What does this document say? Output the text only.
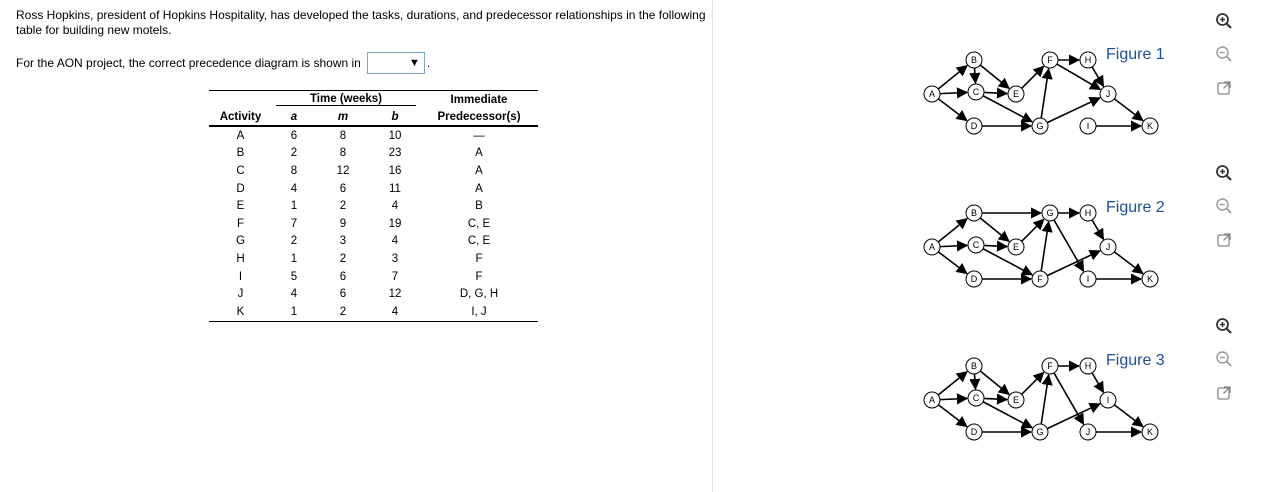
Ross Hopkins, president of Hopkins Hospitality, has developed the tasks, durations, and predecessor relationships in the following table for building new motels.
For the AON project, the correct precedence diagram is shown in	▼ .

	Time (weeks)			Immediate
Activity	a	m	b	Predecessor(s)
A	6	8	10	—
B	2	8	23	A
C	8	12	16	A
D	4	6	11	A
E	1	2	4	B
F	7	9	19	C, E
G	2	3	4	C, E
H	1	2	3	F
I	5	6	7	F
J	4	6	12	D, G, H
K	1	2	4	I, J
A
B
C
D
E
F
G
H
I
J
K
Figure 1
A
B
C
D
E
F
G	H
I
J
K
Figure 2
A
B
C
D
E
F
G
H
I
J	K
Figure 3
